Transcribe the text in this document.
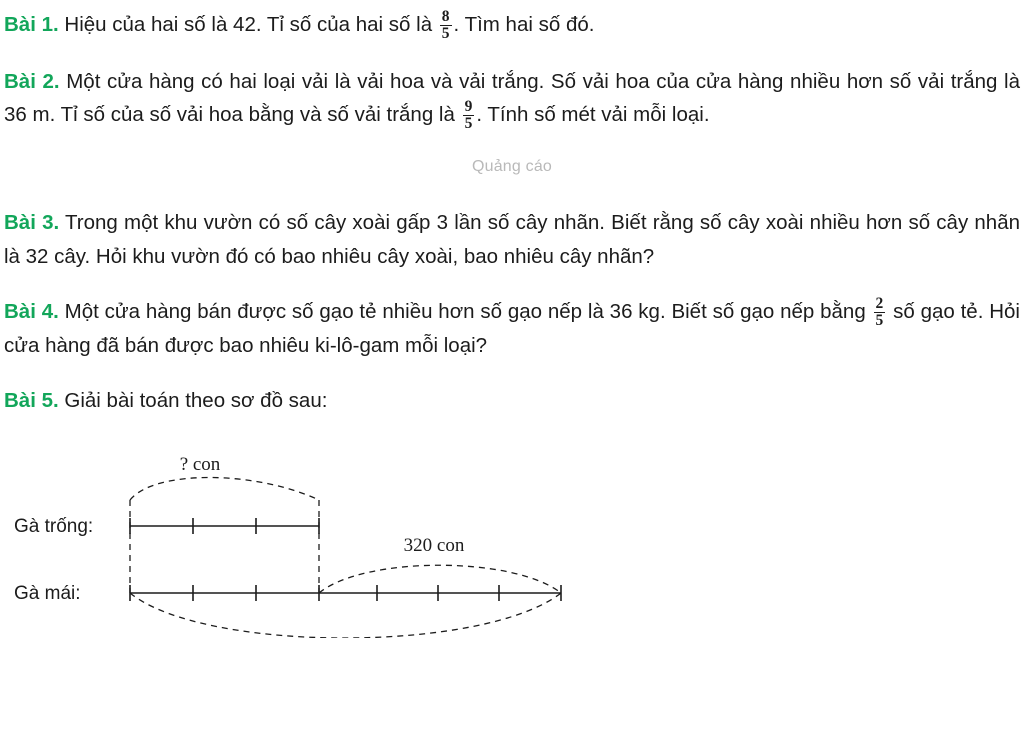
Bài 1. Hiệu của hai số là 42. Tỉ số của hai số là $\frac{8}{5}$ . Tìm hai số đó.

Bài 2. Một cửa hàng có hai loại vải là vải hoa và vải trắng. Số vải hoa của cửa hàng nhiều hơn số vải trắng là 36 m. Tỉ số của số vải hoa bằng và số vải trắng là $\frac{9}{5}$ . Tính số mét vải mỗi loại.

Quảng cáo

Bài 3. Trong một khu vườn có số cây xoài gấp 3 lần số cây nhãn. Biết rằng số cây xoài nhiều hơn số cây nhãn là 32 cây. Hỏi khu vườn đó có bao nhiêu cây xoài, bao nhiêu cây nhãn?

Bài 4. Một cửa hàng bán được số gạo tẻ nhiều hơn số gạo nếp là 36 kg. Biết số gạo nếp bằng $\frac{2}{5}$ số gạo tẻ. Hỏi cửa hàng đã bán được bao nhiêu ki-lô-gam mỗi loại?

Bài 5. Giải bài toán theo sơ đồ sau:

? con
Gà trống:
320 con
Gà mái:
